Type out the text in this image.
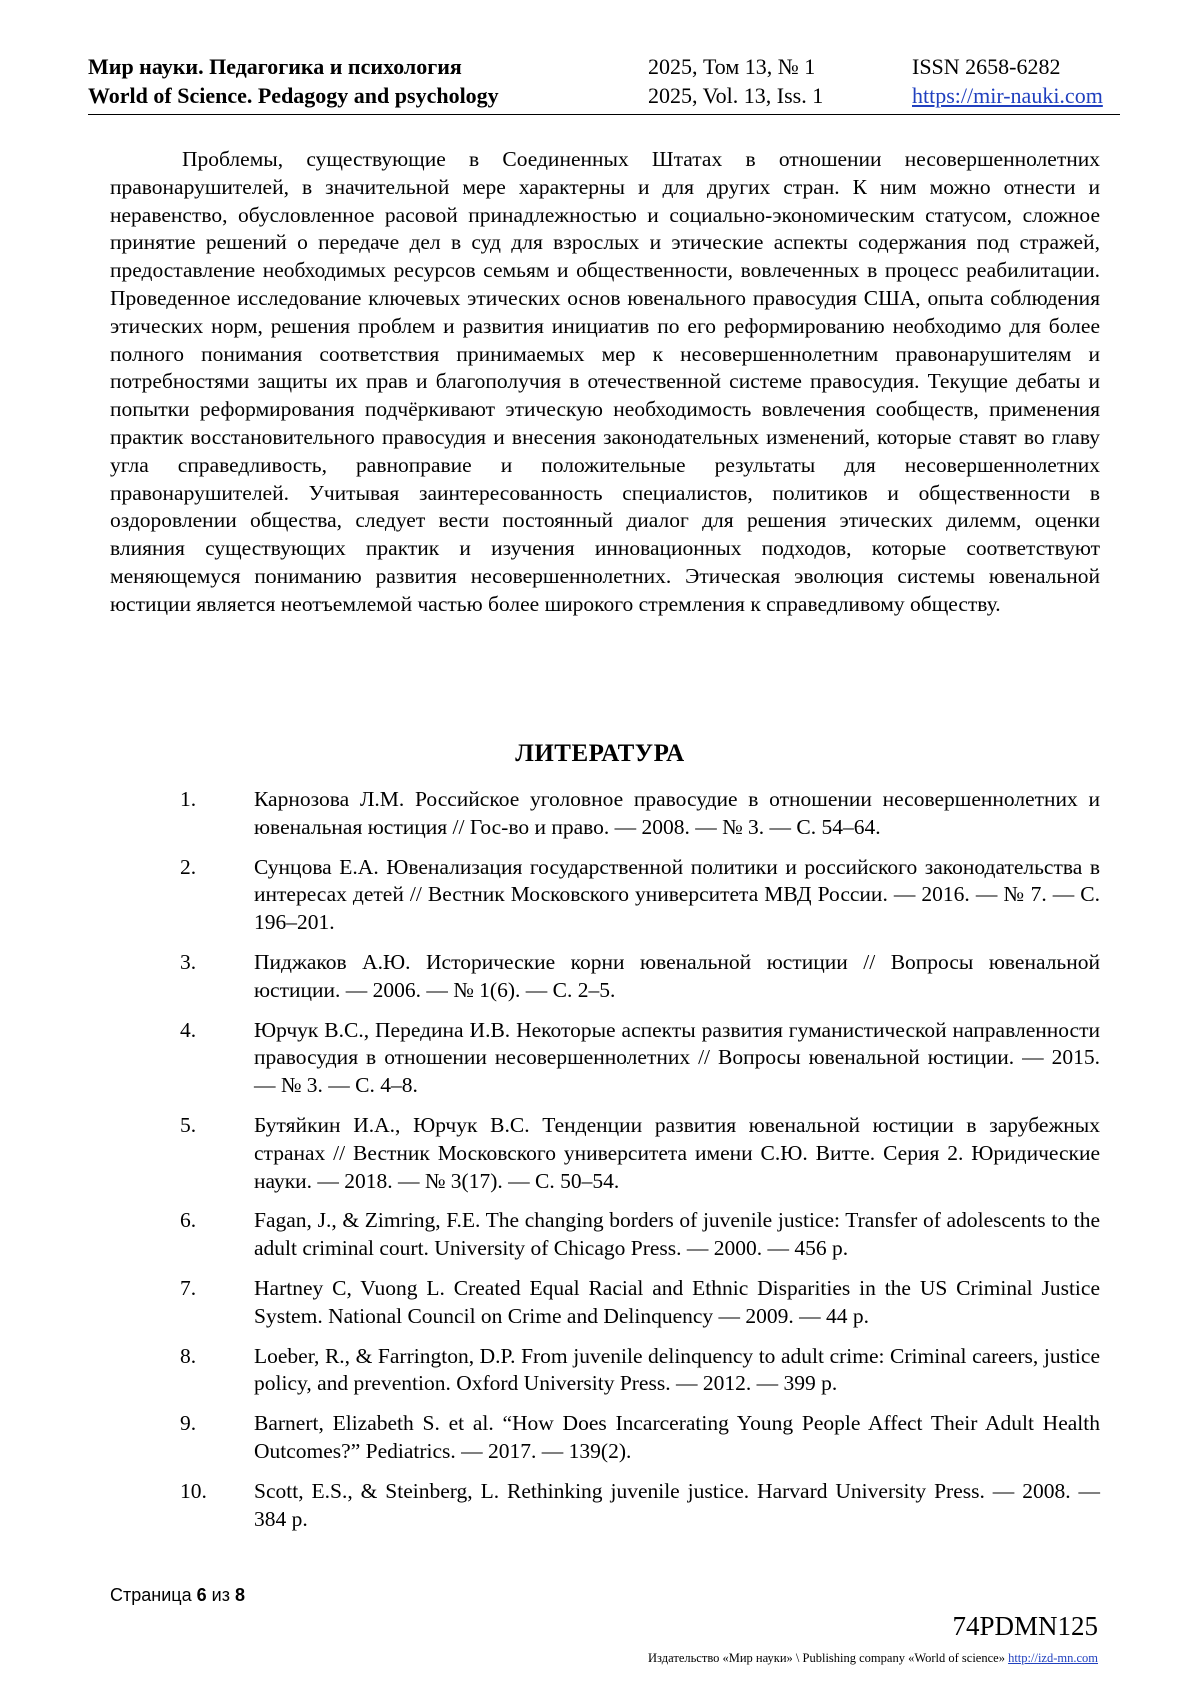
Мир науки. Педагогика и психология
World of Science. Pedagogy and psychology
2025, Том 13, № 1
2025, Vol. 13, Iss. 1
ISSN 2658-6282
https://mir-nauki.com

Проблемы, существующие в Соединенных Штатах в отношении несовершеннолетних правонарушителей, в значительной мере характерны и для других стран. К ним можно отнести и неравенство, обусловленное расовой принадлежностью и социально-экономическим статусом, сложное принятие решений о передаче дел в суд для взрослых и этические аспекты содержания под стражей, предоставление необходимых ресурсов семьям и общественности, вовлеченных в процесс реабилитации. Проведенное исследование ключевых этических основ ювенального правосудия США, опыта соблюдения этических норм, решения проблем и развития инициатив по его реформированию необходимо для более полного понимания соответствия принимаемых мер к несовершеннолетним правонарушителям и потребностями защиты их прав и благополучия в отечественной системе правосудия. Текущие дебаты и попытки реформирования подчёркивают этическую необходимость вовлечения сообществ, применения практик восстановительного правосудия и внесения законодательных изменений, которые ставят во главу угла справедливость, равноправие и положительные результаты для несовершеннолетних правонарушителей. Учитывая заинтересованность специалистов, политиков и общественности в оздоровлении общества, следует вести постоянный диалог для решения этических дилемм, оценки влияния существующих практик и изучения инновационных подходов, которые соответствуют меняющемуся пониманию развития несовершеннолетних. Этическая эволюция системы ювенальной юстиции является неотъемлемой частью более широкого стремления к справедливому обществу.

ЛИТЕРАТУРА
1.	Карнозова Л.М. Российское уголовное правосудие в отношении несовершеннолетних и ювенальная юстиция // Гос-во и право. — 2008. — № 3. — С. 54–64.
2.	Сунцова Е.А. Ювенализация государственной политики и российского законодательства в интересах детей // Вестник Московского университета МВД России. — 2016. — № 7. — С. 196–201.
3.	Пиджаков А.Ю. Исторические корни ювенальной юстиции // Вопросы ювенальной юстиции. — 2006. — № 1(6). — С. 2–5.
4.	Юрчук В.С., Передина И.В. Некоторые аспекты развития гуманистической направленности правосудия в отношении несовершеннолетних // Вопросы ювенальной юстиции. — 2015. — № 3. — С. 4–8.
5.	Бутяйкин И.А., Юрчук В.С. Тенденции развития ювенальной юстиции в зарубежных странах // Вестник Московского университета имени С.Ю. Витте. Серия 2. Юридические науки. — 2018. — № 3(17). — С. 50–54.
6.	Fagan, J., & Zimring, F.E. The changing borders of juvenile justice: Transfer of adolescents to the adult criminal court. University of Chicago Press. — 2000. — 456 p.
7.	Hartney C, Vuong L. Created Equal Racial and Ethnic Disparities in the US Criminal Justice System. National Council on Crime and Delinquency — 2009. — 44 p.
8.	Loeber, R., & Farrington, D.P. From juvenile delinquency to adult crime: Criminal careers, justice policy, and prevention. Oxford University Press. — 2012. — 399 p.
9.	Barnert, Elizabeth S. et al. “How Does Incarcerating Young People Affect Their Adult Health Outcomes?” Pediatrics. — 2017. — 139(2).
10. Scott, E.S., & Steinberg, L. Rethinking juvenile justice. Harvard University Press. — 2008. — 384 p.
Страница 6 из 8
74PDMN125
Издательство «Мир науки» \ Publishing company «World of science» http://izd-mn.com
